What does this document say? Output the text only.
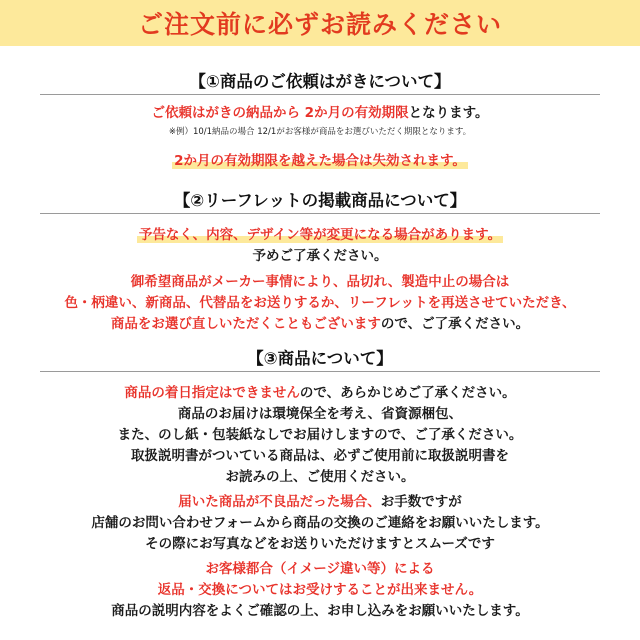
ご注文前に必ずお読みください
【①商品のご依頼はがきについて】
ご依頼はがきの納品から 2か月の有効期限となります。
※例）10/1納品の場合 12/1がお客様が商品をお選びいただく期限となります。
2か月の有効期限を越えた場合は失効されます。
【②リーフレットの掲載商品について】
予告なく、内容、デザイン等が変更になる場合があります。
予めご了承ください。
御希望商品がメーカー事情により、品切れ、製造中止の場合は
色・柄違い、新商品、代替品をお送りするか、リーフレットを再送させていただき、
商品をお選び直しいただくこともございますので、ご了承ください。
【③商品について】
商品の着日指定はできませんので、あらかじめご了承ください。
商品のお届けは環境保全を考え、省資源梱包、
また、のし紙・包装紙なしでお届けしますので、ご了承ください。
取扱説明書がついている商品は、必ずご使用前に取扱説明書を
お読みの上、ご使用ください。
届いた商品が不良品だった場合、お手数ですが
店舗のお問い合わせフォームから商品の交換のご連絡をお願いいたします。
その際にお写真などをお送りいただけますとスムーズです
お客様都合（イメージ違い等）による
返品・交換についてはお受けすることが出来ません。
商品の説明内容をよくご確認の上、お申し込みをお願いいたします。
